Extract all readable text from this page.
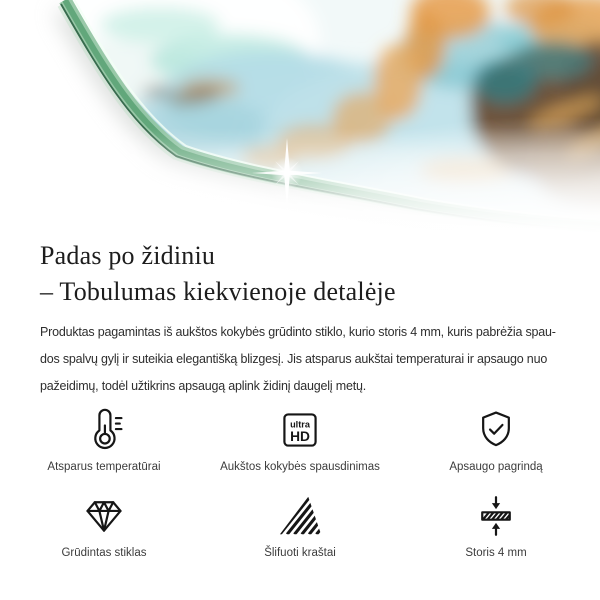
Padas po židiniu
– Tobulumas kiekvienoje detalėje
Produktas pagamintas iš aukštos kokybės grūdinto stiklo, kurio storis 4 mm, kuris pabrėžia spau-
dos spalvų gylį ir suteikia elegantišką blizgesį. Jis atsparus aukštai temperaturai ir apsaugo nuo
pažeidimų, todėl užtikrins apsaugą aplink židinį daugelį metų.
Atsparus temperatūrai
ultra
HD
Aukštos kokybės spausdinimas	Apsaugo pagrindą
Grūdintas stiklas	Šlifuoti kraštai	Storis 4 mm
